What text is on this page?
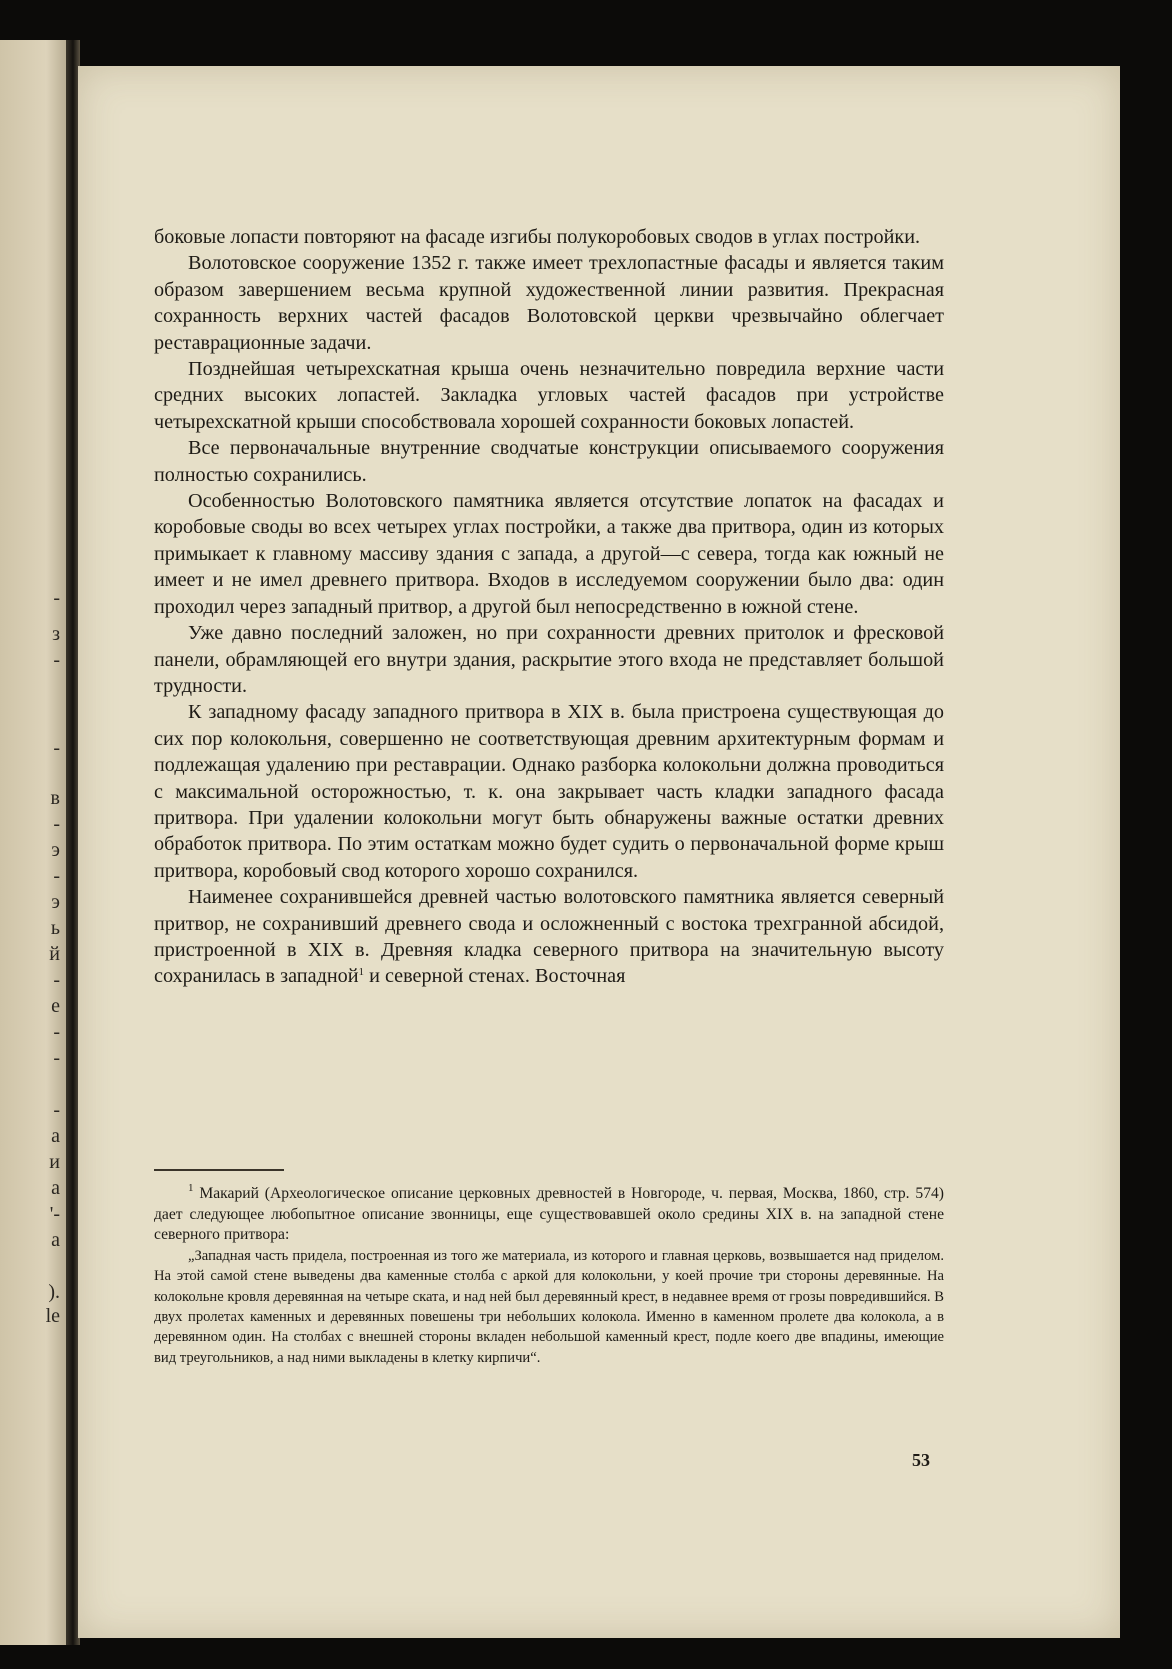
-
з
-
-
в
-
э
-
э
ь
й
-
е
-
-
-
а
и
а
'-
а
).
le

боковые лопасти повторяют на фасаде изгибы полукоробовых сводов в углах постройки.

Волотовское сооружение 1352 г. также имеет трехлопастные фасады и является таким образом завершением весьма крупной художественной линии развития. Прекрасная сохранность верхних частей фасадов Волотовской церкви чрезвычайно облегчает реставрационные задачи.

Позднейшая четырехскатная крыша очень незначительно повредила верхние части средних высоких лопастей. Закладка угловых частей фасадов при устройстве четырехскатной крыши способствовала хорошей сохранности боковых лопастей.

Все первоначальные внутренние сводчатые конструкции описываемого сооружения полностью сохранились.

Особенностью Волотовского памятника является отсутствие лопаток на фасадах и коробовые своды во всех четырех углах постройки, а также два притвора, один из которых примыкает к главному массиву здания с запада, а другой—с севера, тогда как южный не имеет и не имел древнего притвора. Входов в исследуемом сооружении было два: один проходил через западный притвор, а другой был непосредственно в южной стене.

Уже давно последний заложен, но при сохранности древних притолок и фресковой панели, обрамляющей его внутри здания, раскрытие этого входа не представляет большой трудности.

К западному фасаду западного притвора в XIX в. была пристроена существующая до сих пор колокольня, совершенно не соответствующая древним архитектурным формам и подлежащая удалению при реставрации. Однако разборка колокольни должна проводиться с максимальной осторожностью, т. к. она закрывает часть кладки западного фасада притвора. При удалении колокольни могут быть обнаружены важные остатки древних обработок притвора. По этим остаткам можно будет судить о первоначальной форме крыш притвора, коробовый свод которого хорошо сохранился.

Наименее сохранившейся древней частью волотовского памятника является северный притвор, не сохранивший древнего свода и осложненный с востока трехгранной абсидой, пристроенной в XIX в. Древняя кладка северного притвора на значительную высоту сохранилась в западной$^1$ и северной стенах. Восточная

$^1$ Макарий (Археологическое описание церковных древностей в Новгороде, ч. первая, Москва, 1860, стр. 574) дает следующее любопытное описание звонницы, еще существовавшей около средины XIX в. на западной стене северного притвора:

„Западная часть придела, построенная из того же материала, из которого и главная церковь, возвышается над приделом. На этой самой стене выведены два каменные столба с аркой для колокольни, у коей прочие три стороны деревянные. На колокольне кровля деревянная на четыре ската, и над ней был деревянный крест, в недавнее время от грозы повредившийся. В двух пролетах каменных и деревянных повешены три небольших колокола. Именно в каменном пролете два колокола, а в деревянном один. На столбах с внешней стороны вкладен небольшой каменный крест, подле коего две впадины, имеющие вид треугольников, а над ними выкладены в клетку кирпичи“.

53
